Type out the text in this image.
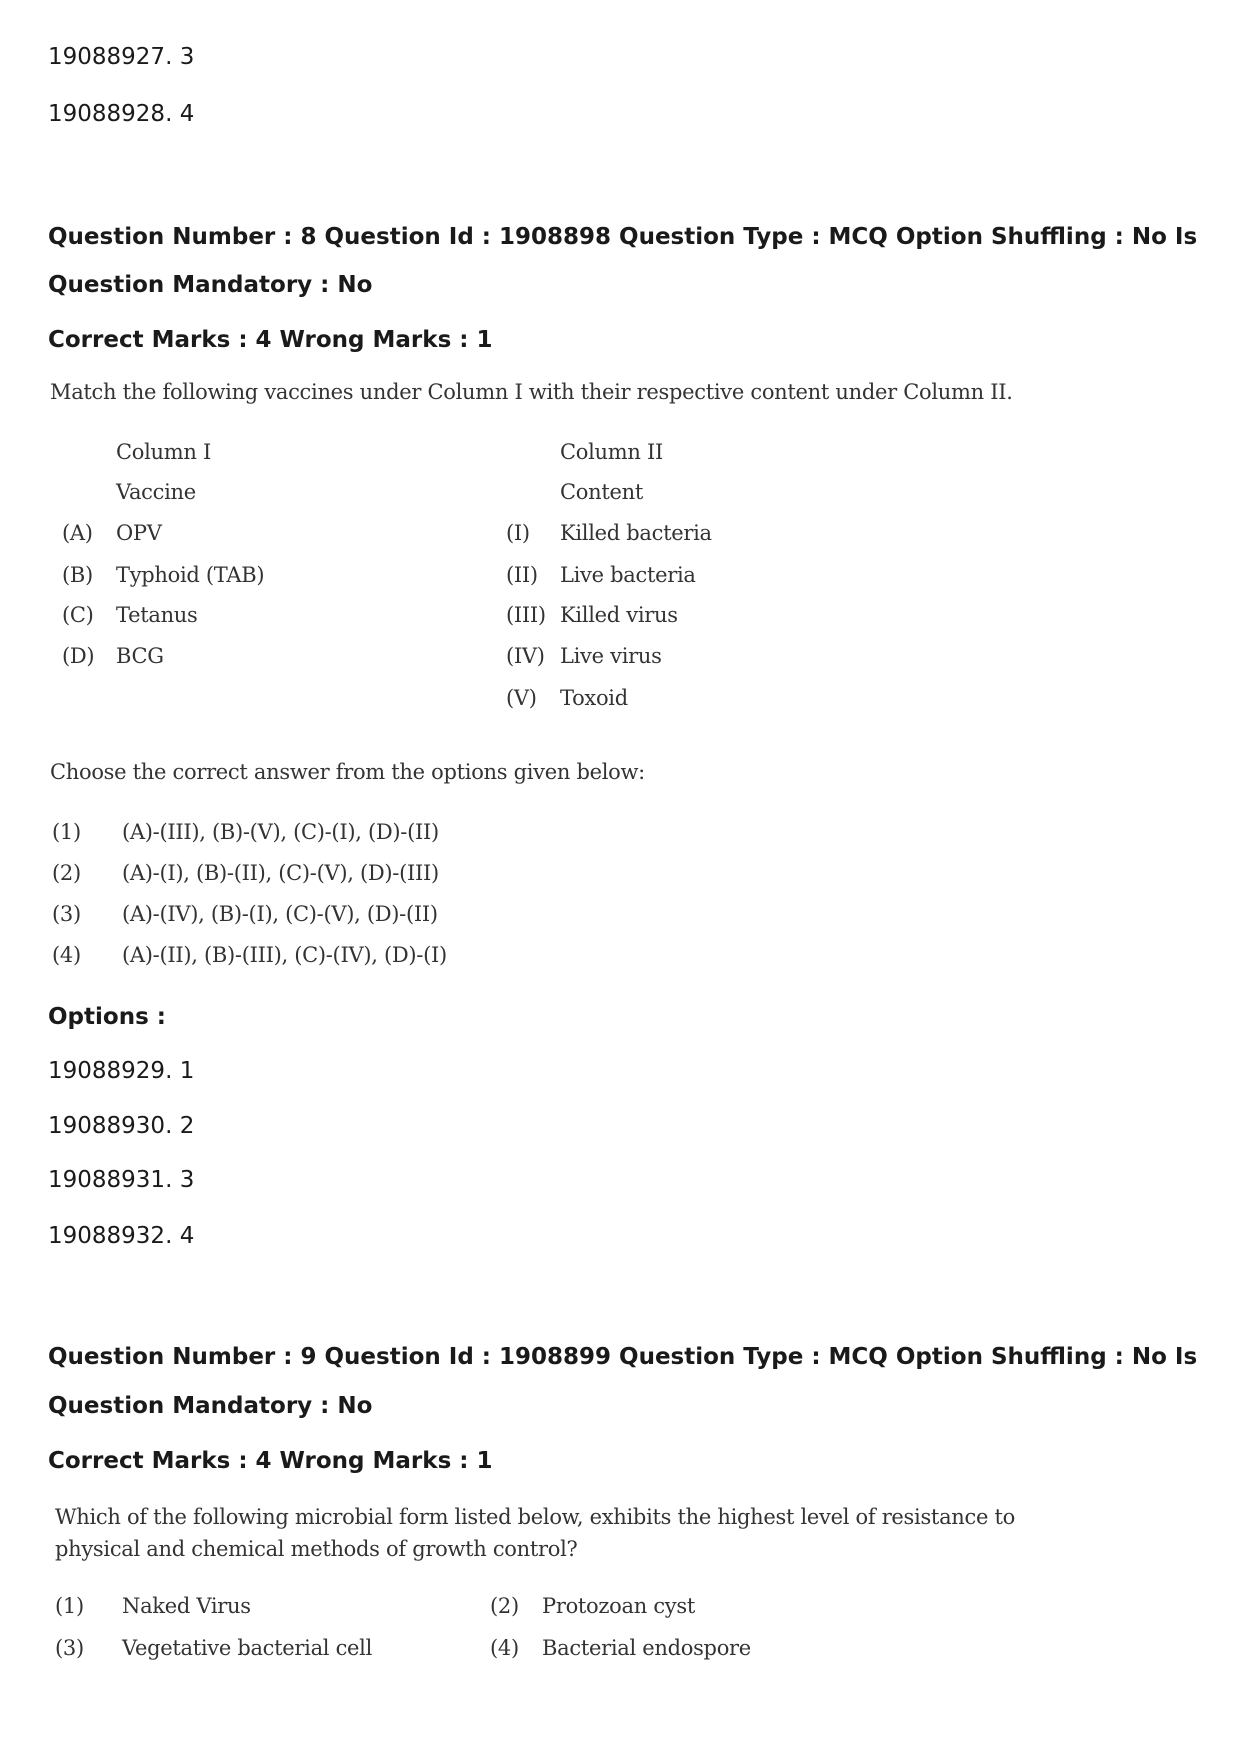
19088927. 3
19088928. 4
Question Number : 8 Question Id : 1908898 Question Type : MCQ Option Shuffling : No Is
Question Mandatory : No
Correct Marks : 4 Wrong Marks : 1
Match the following vaccines under Column I with their respective content under Column II.
Column I
Vaccine
Column II
Content
(A) OPV
(B) Typhoid (TAB)
(C) Tetanus
(D) BCG
(I) Killed bacteria
(II) Live bacteria
(III) Killed virus
(IV) Live virus
(V) Toxoid
Choose the correct answer from the options given below:
(1) (A)-(III), (B)-(V), (C)-(I), (D)-(II)
(2) (A)-(I), (B)-(II), (C)-(V), (D)-(III)
(3) (A)-(IV), (B)-(I), (C)-(V), (D)-(II)
(4) (A)-(II), (B)-(III), (C)-(IV), (D)-(I)
Options :
19088929. 1
19088930. 2
19088931. 3
19088932. 4
Question Number : 9 Question Id : 1908899 Question Type : MCQ Option Shuffling : No Is
Question Mandatory : No
Correct Marks : 4 Wrong Marks : 1
Which of the following microbial form listed below, exhibits the highest level of resistance to
physical and chemical methods of growth control?
(1) Naked Virus	(2) Protozoan cyst
(3) Vegetative bacterial cell	(4) Bacterial endospore
